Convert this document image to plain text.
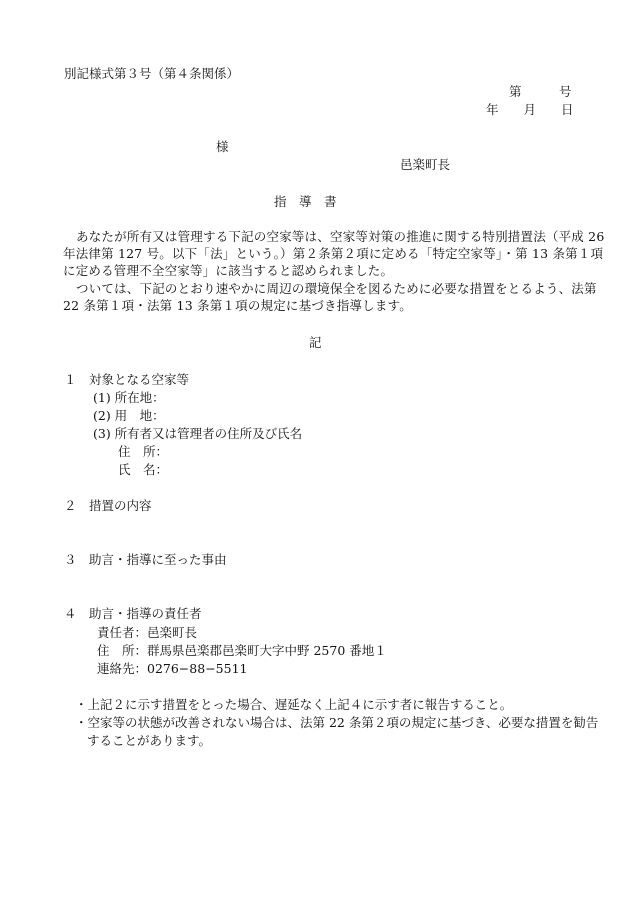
別記様式第３号（第４条関係）
第　　　号
年　　月　　日
様
邑楽町長
指　導　書
あなたが所有又は管理する下記の空家等は、空家等対策の推進に関する特別措置法（平成 26
年法律第 127 号。以下「法」という。）第２条第２項に定める「特定空家等」・第 13 条第１項
に定める管理不全空家等」に該当すると認められました。
ついては、下記のとおり速やかに周辺の環境保全を図るために必要な措置をとるよう、法第
22 条第１項・法第 13 条第１項の規定に基づき指導します。
記
１　対象となる空家等
(1) 所在地：
(2) 用　地：
(3) 所有者又は管理者の住所及び氏名
住　所：
氏　名：
２　措置の内容
３　助言・指導に至った事由
４　助言・指導の責任者
責任者：邑楽町長
住　所：群馬県邑楽郡邑楽町大字中野 2570 番地１
連絡先：0276−88−5511
・上記２に示す措置をとった場合、遅延なく上記４に示す者に報告すること。
・空家等の状態が改善されない場合は、法第 22 条第２項の規定に基づき、必要な措置を勧告
することがあります。
